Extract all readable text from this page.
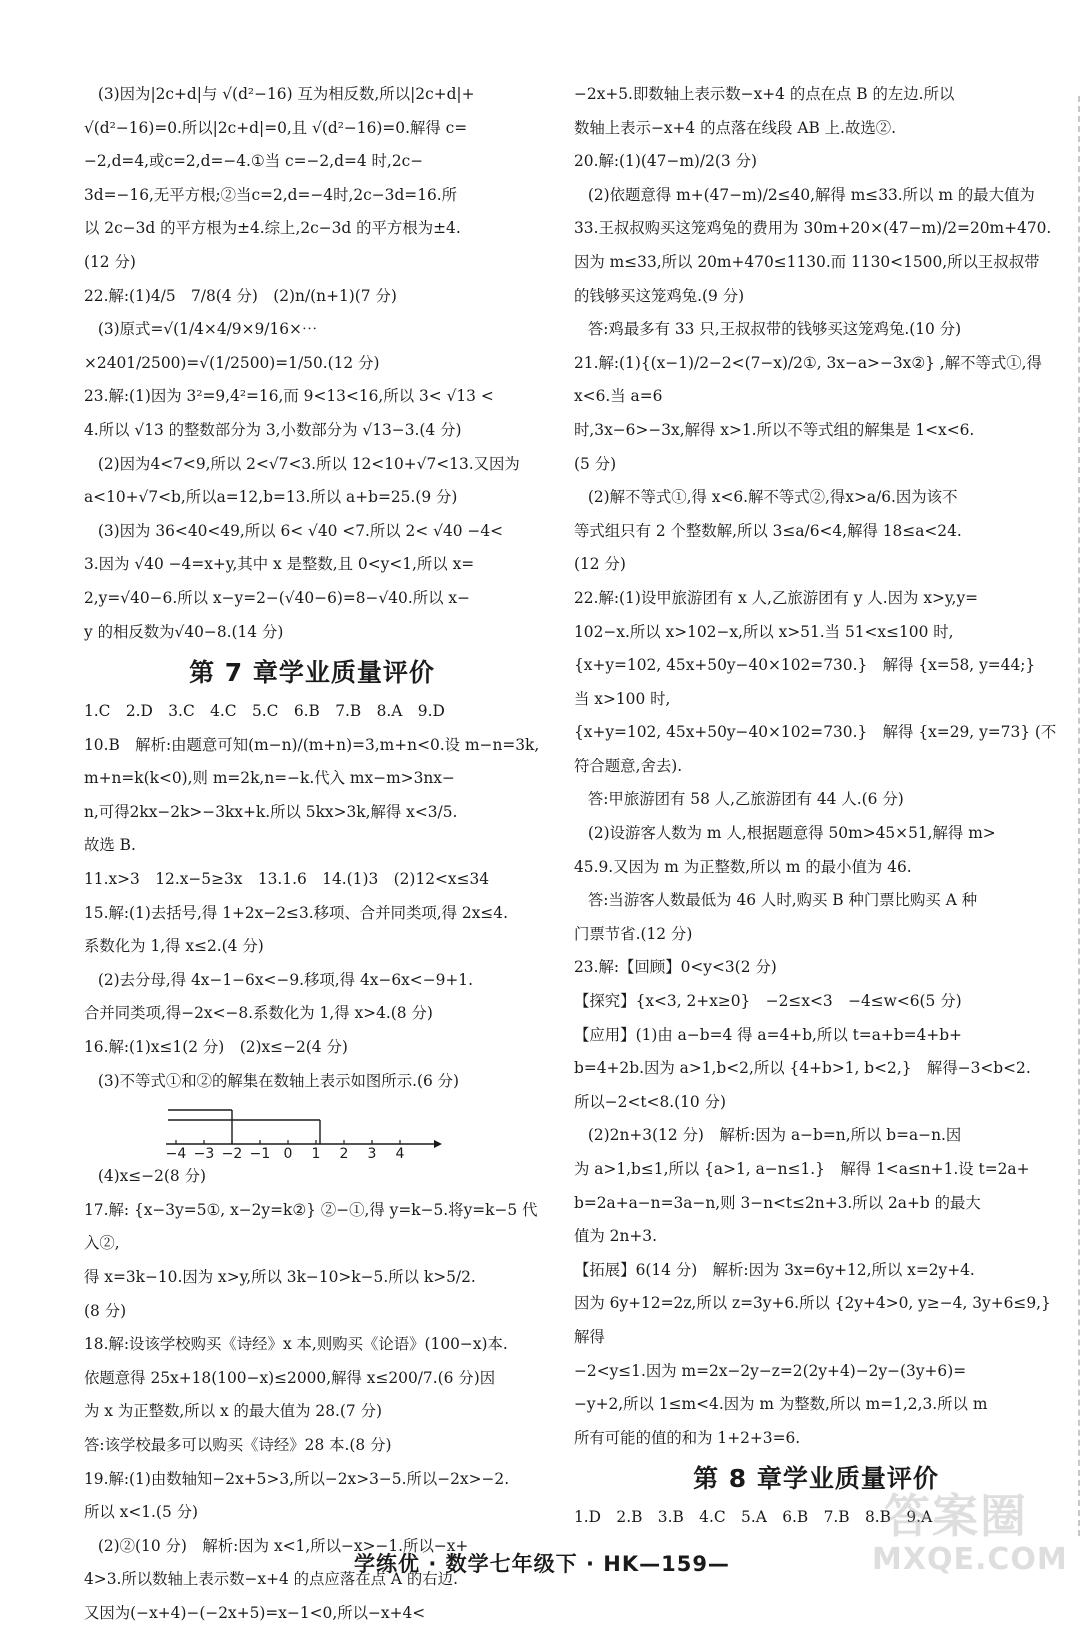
(3)因为|2c+d|与 √(d²−16) 互为相反数,所以|2c+d|+

√(d²−16)=0.所以|2c+d|=0,且 √(d²−16)=0.解得 c=

−2,d=4,或c=2,d=−4.①当 c=−2,d=4 时,2c−

3d=−16,无平方根;②当c=2,d=−4时,2c−3d=16.所

以 2c−3d 的平方根为±4.综上,2c−3d 的平方根为±4.

(12 分)

22.解:(1)4/5　7/8(4 分)　(2)n/(n+1)(7 分)

(3)原式=√(1/4×4/9×9/16×⋯×2401/2500)=√(1/2500)=1/50.(12 分)

23.解:(1)因为 3²=9,4²=16,而 9<13<16,所以 3< √13 <

4.所以 √13 的整数部分为 3,小数部分为 √13−3.(4 分)

(2)因为4<7<9,所以 2<√7<3.所以 12<10+√7<13.又因为

a<10+√7<b,所以a=12,b=13.所以 a+b=25.(9 分)

(3)因为 36<40<49,所以 6< √40 <7.所以 2< √40 −4<

3.因为 √40 −4=x+y,其中 x 是整数,且 0<y<1,所以 x=

2,y=√40−6.所以 x−y=2−(√40−6)=8−√40.所以 x−

y 的相反数为√40−8.(14 分)

第 7 章学业质量评价

1.C　2.D　3.C　4.C　5.C　6.B　7.B　8.A　9.D

10.B　解析:由题意可知(m−n)/(m+n)=3,m+n<0.设 m−n=3k,

m+n=k(k<0),则 m=2k,n=−k.代入 mx−m>3nx−

n,可得2kx−2k>−3kx+k.所以 5kx>3k,解得 x<3/5.

故选 B.

11.x>3　12.x−5≥3x　13.1.6　14.(1)3　(2)12<x≤34

15.解:(1)去括号,得 1+2x−2≤3.移项、合并同类项,得 2x≤4.

系数化为 1,得 x≤2.(4 分)

(2)去分母,得 4x−1−6x<−9.移项,得 4x−6x<−9+1.

合并同类项,得−2x<−8.系数化为 1,得 x>4.(8 分)

16.解:(1)x≤1(2 分)　(2)x≤−2(4 分)

(3)不等式①和②的解集在数轴上表示如图所示.(6 分)

−4 −3 −2 −1 0 1 2 3 4

(4)x≤−2(8 分)

17.解: {x−3y=5①, x−2y=k②} ②−①,得 y=k−5.将y=k−5 代入②,

得 x=3k−10.因为 x>y,所以 3k−10>k−5.所以 k>5/2.

(8 分)

18.解:设该学校购买《诗经》x 本,则购买《论语》(100−x)本.

依题意得 25x+18(100−x)≤2000,解得 x≤200/7.(6 分)因

为 x 为正整数,所以 x 的最大值为 28.(7 分)

答:该学校最多可以购买《诗经》28 本.(8 分)

19.解:(1)由数轴知−2x+5>3,所以−2x>3−5.所以−2x>−2.

所以 x<1.(5 分)

(2)②(10 分)　解析:因为 x<1,所以−x>−1.所以−x+

4>3.所以数轴上表示数−x+4 的点应落在点 A 的右边.

又因为(−x+4)−(−2x+5)=x−1<0,所以−x+4<

−2x+5.即数轴上表示数−x+4 的点在点 B 的左边.所以

数轴上表示−x+4 的点落在线段 AB 上.故选②.

20.解:(1)(47−m)/2(3 分)

(2)依题意得 m+(47−m)/2≤40,解得 m≤33.所以 m 的最大值为

33.王叔叔购买这笼鸡兔的费用为 30m+20×(47−m)/2=20m+470.

因为 m≤33,所以 20m+470≤1130.而 1130<1500,所以王叔叔带

的钱够买这笼鸡兔.(9 分)

答:鸡最多有 33 只,王叔叔带的钱够买这笼鸡兔.(10 分)

21.解:(1){(x−1)/2−2<(7−x)/2①, 3x−a>−3x②} ,解不等式①,得 x<6.当 a=6

时,3x−6>−3x,解得 x>1.所以不等式组的解集是 1<x<6.

(5 分)

(2)解不等式①,得 x<6.解不等式②,得x>a/6.因为该不

等式组只有 2 个整数解,所以 3≤a/6<4,解得 18≤a<24.

(12 分)

22.解:(1)设甲旅游团有 x 人,乙旅游团有 y 人.因为 x>y,y=

102−x.所以 x>102−x,所以 x>51.当 51<x≤100 时,

{x+y=102, 45x+50y−40×102=730.}　解得 {x=58, y=44;}　当 x>100 时,

{x+y=102, 45x+50y−40×102=730.}　解得 {x=29, y=73} (不符合题意,舍去).

答:甲旅游团有 58 人,乙旅游团有 44 人.(6 分)

(2)设游客人数为 m 人,根据题意得 50m>45×51,解得 m>

45.9.又因为 m 为正整数,所以 m 的最小值为 46.

答:当游客人数最低为 46 人时,购买 B 种门票比购买 A 种

门票节省.(12 分)

23.解:【回顾】0<y<3(2 分)

【探究】{x<3, 2+x≥0}　−2≤x<3　−4≤w<6(5 分)

【应用】(1)由 a−b=4 得 a=4+b,所以 t=a+b=4+b+

b=4+2b.因为 a>1,b<2,所以 {4+b>1, b<2,}　解得−3<b<2.

所以−2<t<8.(10 分)

(2)2n+3(12 分)　解析:因为 a−b=n,所以 b=a−n.因

为 a>1,b≤1,所以 {a>1, a−n≤1.}　解得 1<a≤n+1.设 t=2a+

b=2a+a−n=3a−n,则 3−n<t≤2n+3.所以 2a+b 的最大

值为 2n+3.

【拓展】6(14 分)　解析:因为 3x=6y+12,所以 x=2y+4.

因为 6y+12=2z,所以 z=3y+6.所以 {2y+4>0, y≥−4, 3y+6≤9,}　解得

−2<y≤1.因为 m=2x−2y−z=2(2y+4)−2y−(3y+6)=

−y+2,所以 1≤m<4.因为 m 为整数,所以 m=1,2,3.所以 m

所有可能的值的和为 1+2+3=6.

第 8 章学业质量评价

1.D　2.B　3.B　4.C　5.A　6.B　7.B　8.B　9.A

学练优 · 数学七年级下 · HK—159—
答案圈
MXQE.COM
